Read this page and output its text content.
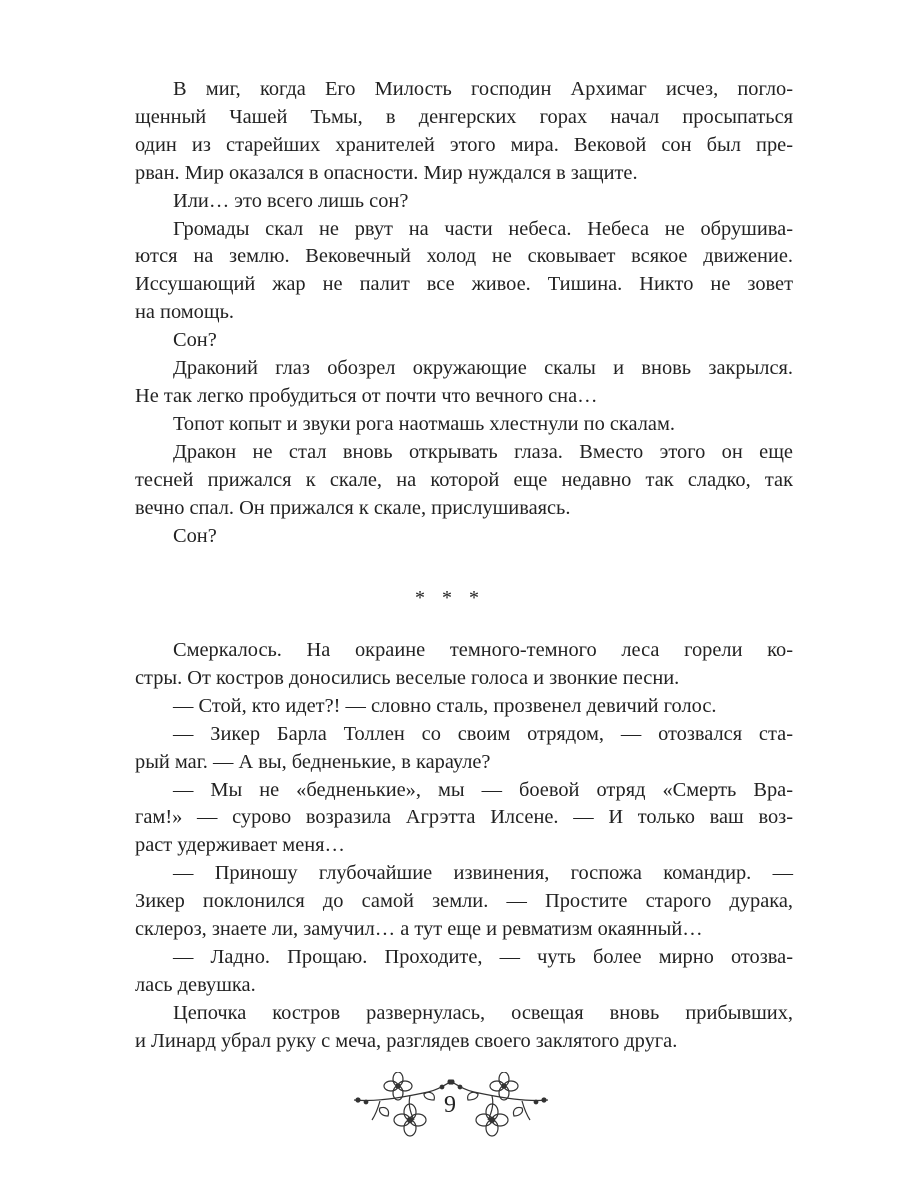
В миг, когда Его Милость господин Архимаг исчез, погло-
щенный Чашей Тьмы, в денгерских горах начал просыпаться
один из старейших хранителей этого мира. Вековой сон был пре-
рван. Мир оказался в опасности. Мир нуждался в защите.

Или… это всего лишь сон?

Громады скал не рвут на части небеса. Небеса не обрушива-
ются на землю. Вековечный холод не сковывает всякое движение.
Иссушающий жар не палит все живое. Тишина. Никто не зовет
на помощь.

Сон?

Драконий глаз обозрел окружающие скалы и вновь закрылся.
Не так легко пробудиться от почти что вечного сна…

Топот копыт и звуки рога наотмашь хлестнули по скалам.

Дракон не стал вновь открывать глаза. Вместо этого он еще
тесней прижался к скале, на которой еще недавно так сладко, так
вечно спал. Он прижался к скале, прислушиваясь.

Сон?

* * *

Смеркалось. На окраине темного-темного леса горели ко-
стры. От костров доносились веселые голоса и звонкие песни.

— Стой, кто идет?! — словно сталь, прозвенел девичий голос.

— Зикер Барла Толлен со своим отрядом, — отозвался ста-
рый маг. — А вы, бедненькие, в карауле?

— Мы не «бедненькие», мы — боевой отряд «Смерть Вра-
гам!» — сурово возразила Агрэтта Илсене. — И только ваш воз-
раст удерживает меня…

— Приношу глубочайшие извинения, госпожа командир. —
Зикер поклонился до самой земли. — Простите старого дурака,
склероз, знаете ли, замучил… а тут еще и ревматизм окаянный…

— Ладно. Прощаю. Проходите, — чуть более мирно отозва-
лась девушка.

Цепочка костров развернулась, освещая вновь прибывших,
и Линард убрал руку с меча, разглядев своего заклятого друга.

9
